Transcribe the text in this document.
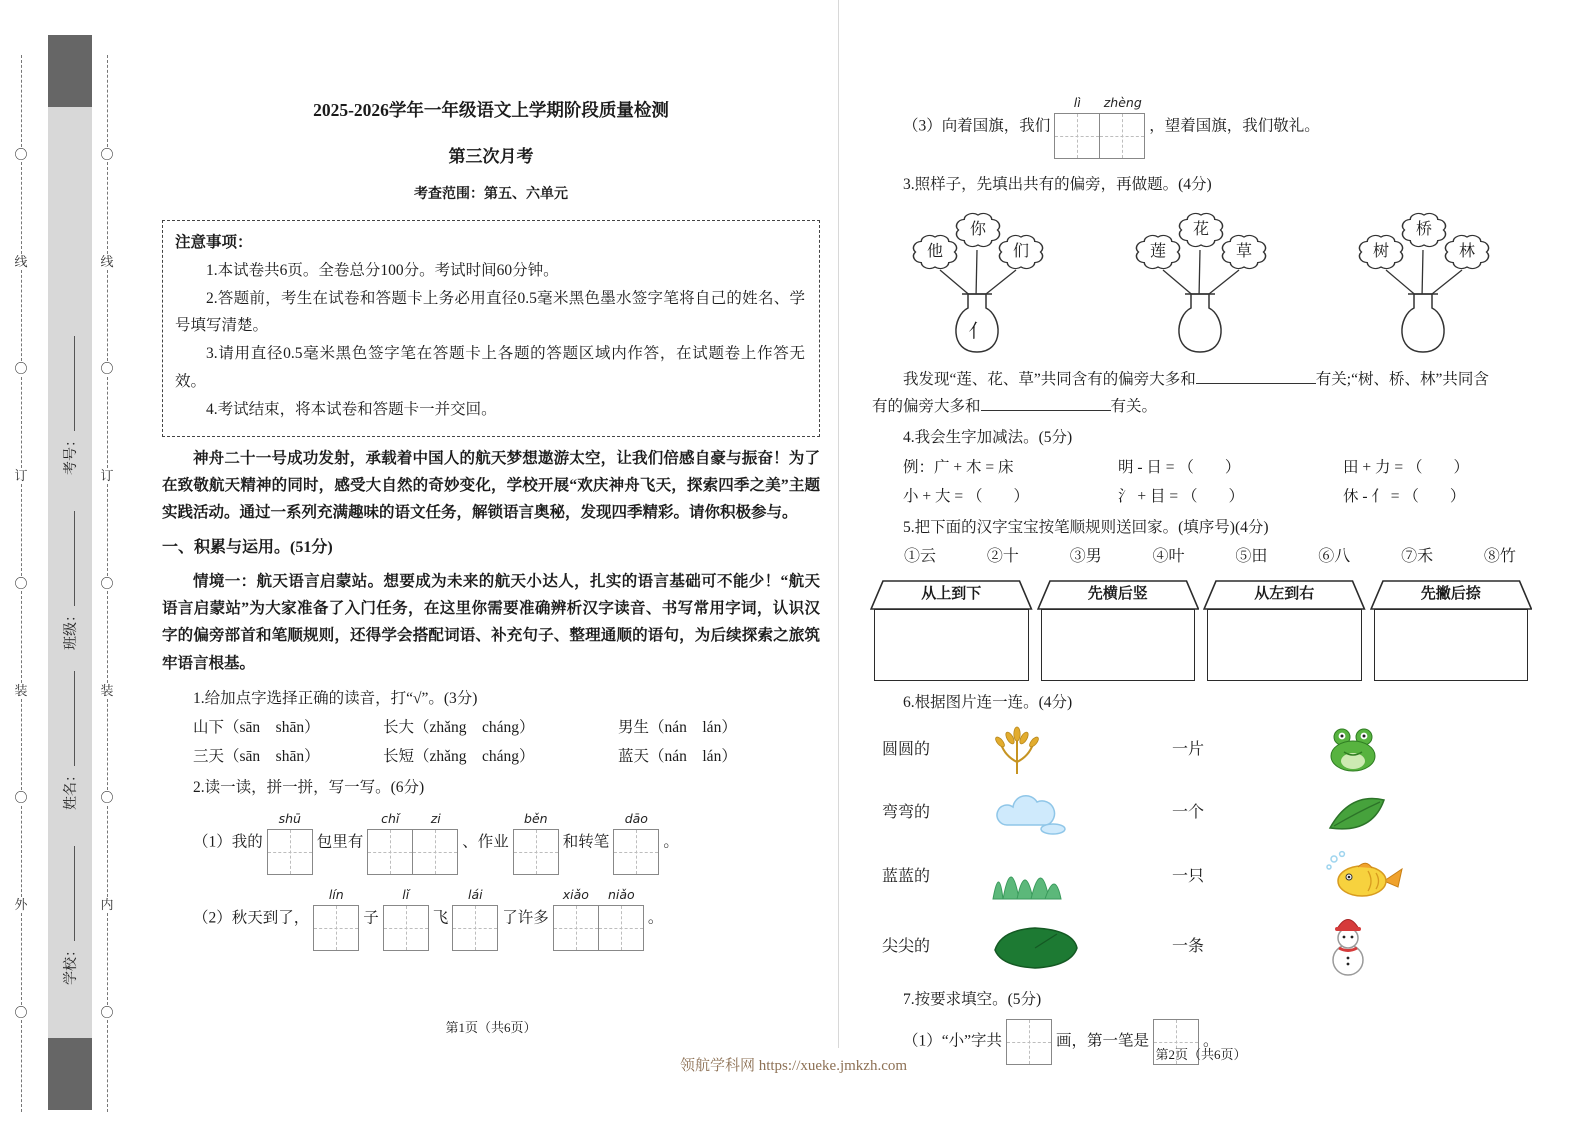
〇
线
〇
订
〇
装
〇
外
〇
〇
线
〇
订
〇
装
〇
内
〇
考号：
班级：
姓名：
学校：
2025-2026学年一年级语文上学期阶段质量检测
第三次月考
考查范围：第五、六单元
注意事项：

1.本试卷共6页。全卷总分100分。考试时间60分钟。

2.答题前，考生在试卷和答题卡上务必用直径0.5毫米黑色墨水签字笔将自己的姓名、学号填写清楚。

3.请用直径0.5毫米黑色签字笔在答题卡上各题的答题区域内作答，在试题卷上作答无效。

4.考试结束，将本试卷和答题卡一并交回。

神舟二十一号成功发射，承载着中国人的航天梦想遨游太空，让我们倍感自豪与振奋！为了在致敬航天精神的同时，感受大自然的奇妙变化，学校开展“欢庆神舟飞天，探索四季之美”主题实践活动。通过一系列充满趣味的语文任务，解锁语言奥秘，发现四季精彩。请你积极参与。

一、积累与运用。(51分)

情境一：航天语言启蒙站。想要成为未来的航天小达人，扎实的语言基础可不能少！“航天语言启蒙站”为大家准备了入门任务，在这里你需要准确辨析汉字读音、书写常用字词，认识汉字的偏旁部首和笔顺规则，还得学会搭配词语、补充句子、整理通顺的语句，为后续探索之旅筑牢语言根基。

1.给加点字选择正确的读音，打“√”。(3分)

山下（sān　shān）	长大（zhǎng　cháng）	男生（nán　lán）
三天（sān　shān）	长短（zhǎng　cháng）	蓝天（nán　lán）

2.读一读，拼一拼，写一写。(6分)

（1）我的
shū
包里有
chǐ	zi
、作业
běn
和转笔
dāo
。
（2）秋天到了，
lín
子
lǐ
飞
lái
了许多
xiǎo	niǎo
。
第1页（共6页）
（3）向着国旗，我们
lì	zhèng
，望着国旗，我们敬礼。

3.照样子，先填出共有的偏旁，再做题。(4分)

他
你
们
亻
莲
花
草	树
桥
林

我发现“莲、花、草”共同含有的偏旁大多和	有关;“树、桥、林”共同含

有的偏旁大多和	有关。

4.我会生字加减法。(5分)

例：广 + 木 = 床	明 - 日 = （　　）	田 + 力 = （　　）
小 + 大 = （　　）	氵 + 目 = （　　）	休 - 亻 = （　　）

5.把下面的汉字宝宝按笔顺规则送回家。(填序号)(4分)

①云	②十	③男	④叶	⑤田	⑥八	⑦禾	⑧竹
从上到下	先横后竖	从左到右	先撇后捺

6.根据图片连一连。(4分)

圆圆的	一片
弯弯的	一个
蓝蓝的	一只
尖尖的	一条

7.按要求填空。(5分)

（1）“小”字共	画，第一笔是	。
第2页（共6页）
领航学科网 https://xueke.jmkzh.com
